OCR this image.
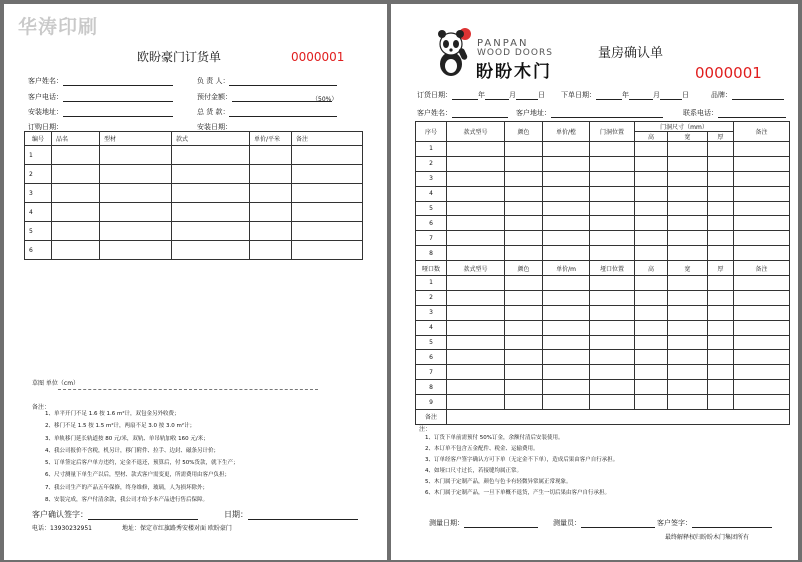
华涛印刷
欧盼豪门订货单	0000001
客户姓名：
客户电话：
安装地址：
订购日期：
负 责 人：
预付金额：	（50%）
总 货 款：
安装日期：
编号	品名	型材	款式	单价/平米	备注
1					
2					
3					
4					
5					
6					
草图 单位（cm）
备注：
1、单平开门不足 1.6 按 1.6 m²计，双包金另外收费；
2、移门不足 1.5 按 1.5 m²计，两扇不足 3.0 按 3.0 m²计；
3、单轨移门延长轨道按 80 元/米，双轨、单吊轨加收 160 元/米；
4、我公司报价不含税，机另计，移门附件、拉手、边封、磁条另计价；
5、订单签定后客户单方违约，定金不退还，预算后，付 50%货款，就下生产；
6、尺寸测量下单生产以后，型材、款式客户需变更，所需费用由客户负担；
7、我公司生产的产品五年保修，终身维修，玻璃，人为损坏除外；
8、安装完成，客户付清余款，我公司才给予本产品进行售后保障。
客户确认签字：	日期：
电话：13930232951	地址：保定市红旗路秀安楼对面 欧盼豪门
PANPAN
WOOD DOORS
盼盼木门
量房确认单
0000001
订货日期：	年	月	日 下单日期：	年	月	日	品牌：
客户姓名：	客户地址：	联系电话：
序号	款式型号	颜色	单价/樘	门洞位置	门洞尺寸（mm）			备注
					高	宽	厚	
1								
2								
3								
4								
5								
6								
7								
8								
哑口数	款式型号	颜色	单价/m	垭口位置	高	宽	厚	备注
1								
2								
3								
4								
5								
6								
7								
8								
9								
备注								
注：
1、订货下单前需预付 50%订金，余额付清后安装使用。
2、本订单不包含五金配件、税金、运输费用。
3、订单经客户签字确认方可下单（无定金不下单），造成后果由客户自行承担。
4、如垭口尺寸过长，若接缝均属正常。
5、木门属于定制产品，颜色与色卡有轻微异常属正常现象。
6、木门属于定制产品，一旦下单概不退货，产生一切后果由客户自行承担。
测量日期：	测量员：	客户签字：
最终解释权归盼盼木门集团所有
